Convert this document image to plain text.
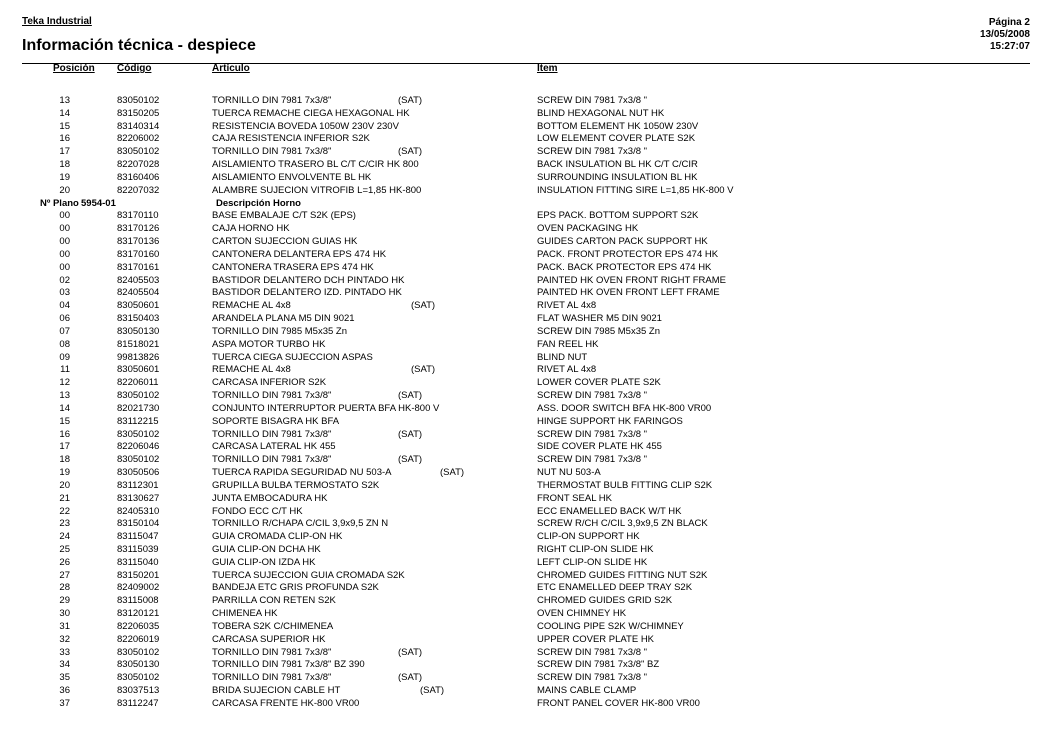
Teka Industrial
Información técnica - despiece
Página 2
13/05/2008
15:27:07
Posición Código	Artículo	Item
13	83050102	TORNILLO DIN 7981 7x3/8"	(SAT)	SCREW DIN 7981 7x3/8 "
14	83150205	TUERCA REMACHE CIEGA HEXAGONAL HK	BLIND HEXAGONAL NUT HK
15	83140314	RESISTENCIA BOVEDA 1050W 230V 230V	BOTTOM ELEMENT HK 1050W 230V
16	82206002	CAJA RESISTENCIA INFERIOR S2K	LOW ELEMENT COVER PLATE S2K
17	83050102	TORNILLO DIN 7981 7x3/8"	(SAT)	SCREW DIN 7981 7x3/8 "
18	82207028	AISLAMIENTO TRASERO BL C/T C/CIR HK 800	BACK INSULATION BL HK C/T C/CIR
19	83160406	AISLAMIENTO ENVOLVENTE BL HK	SURROUNDING INSULATION BL HK
20	82207032	ALAMBRE SUJECION VITROFIB L=1,85 HK-800	INSULATION FITTING SIRE L=1,85 HK-800 V
Nº Plano 5954-01	Descripción Horno
00	83170110	BASE EMBALAJE C/T S2K (EPS)	EPS PACK. BOTTOM SUPPORT S2K
00	83170126	CAJA HORNO HK	OVEN PACKAGING HK
00	83170136	CARTON SUJECCION GUIAS HK	GUIDES CARTON PACK SUPPORT HK
00	83170160	CANTONERA DELANTERA EPS 474 HK	PACK. FRONT PROTECTOR EPS 474 HK
00	83170161	CANTONERA TRASERA EPS 474 HK	PACK. BACK PROTECTOR EPS 474 HK
02	82405503	BASTIDOR DELANTERO DCH PINTADO HK	PAINTED HK OVEN FRONT RIGHT FRAME
03	82405504	BASTIDOR DELANTERO IZD. PINTADO HK	PAINTED HK OVEN FRONT LEFT FRAME
04	83050601	REMACHE AL 4x8	(SAT)	RIVET AL 4x8
06	83150403	ARANDELA PLANA M5 DIN 9021	FLAT WASHER M5 DIN 9021
07	83050130	TORNILLO DIN 7985 M5x35 Zn	SCREW DIN 7985 M5x35 Zn
08	81518021	ASPA MOTOR TURBO HK	FAN REEL HK
09	99813826	TUERCA CIEGA SUJECCION ASPAS	BLIND NUT
11	83050601	REMACHE AL 4x8	(SAT)	RIVET AL 4x8
12	82206011	CARCASA INFERIOR S2K	LOWER COVER PLATE S2K
13	83050102	TORNILLO DIN 7981 7x3/8"	(SAT)	SCREW DIN 7981 7x3/8 "
14	82021730	CONJUNTO INTERRUPTOR PUERTA BFA HK-800 V	ASS. DOOR SWITCH BFA HK-800 VR00
15	83112215	SOPORTE BISAGRA HK BFA	HINGE SUPPORT HK FARINGOS
16	83050102	TORNILLO DIN 7981 7x3/8"	(SAT)	SCREW DIN 7981 7x3/8 "
17	82206046	CARCASA LATERAL HK 455	SIDE COVER PLATE HK 455
18	83050102	TORNILLO DIN 7981 7x3/8"	(SAT)	SCREW DIN 7981 7x3/8 "
19	83050506	TUERCA RAPIDA SEGURIDAD NU 503-A	(SAT)	NUT NU 503-A
20	83112301	GRUPILLA BULBA TERMOSTATO S2K	THERMOSTAT BULB FITTING CLIP S2K
21	83130627	JUNTA EMBOCADURA HK	FRONT SEAL HK
22	82405310	FONDO ECC C/T HK	ECC ENAMELLED BACK W/T HK
23	83150104	TORNILLO R/CHAPA C/CIL 3,9x9,5 ZN N	SCREW R/CH C/CIL 3,9x9,5 ZN BLACK
24	83115047	GUIA CROMADA CLIP-ON HK	CLIP-ON SUPPORT HK
25	83115039	GUIA CLIP-ON DCHA HK	RIGHT CLIP-ON SLIDE HK
26	83115040	GUIA CLIP-ON IZDA HK	LEFT CLIP-ON SLIDE HK
27	83150201	TUERCA SUJECCION GUIA CROMADA S2K	CHROMED GUIDES FITTING NUT S2K
28	82409002	BANDEJA ETC GRIS PROFUNDA S2K	ETC ENAMELLED DEEP TRAY S2K
29	83115008	PARRILLA CON RETEN S2K	CHROMED GUIDES GRID S2K
30	83120121	CHIMENEA HK	OVEN CHIMNEY HK
31	82206035	TOBERA S2K C/CHIMENEA	COOLING PIPE S2K W/CHIMNEY
32	82206019	CARCASA SUPERIOR HK	UPPER COVER PLATE HK
33	83050102	TORNILLO DIN 7981 7x3/8"	(SAT)	SCREW DIN 7981 7x3/8 "
34	83050130	TORNILLO DIN 7981 7x3/8" BZ 390	SCREW DIN 7981 7x3/8" BZ
35	83050102	TORNILLO DIN 7981 7x3/8"	(SAT)	SCREW DIN 7981 7x3/8 "
36	83037513	BRIDA SUJECION CABLE HT	(SAT)	MAINS CABLE CLAMP
37	83112247	CARCASA FRENTE HK-800 VR00	FRONT PANEL COVER HK-800 VR00
